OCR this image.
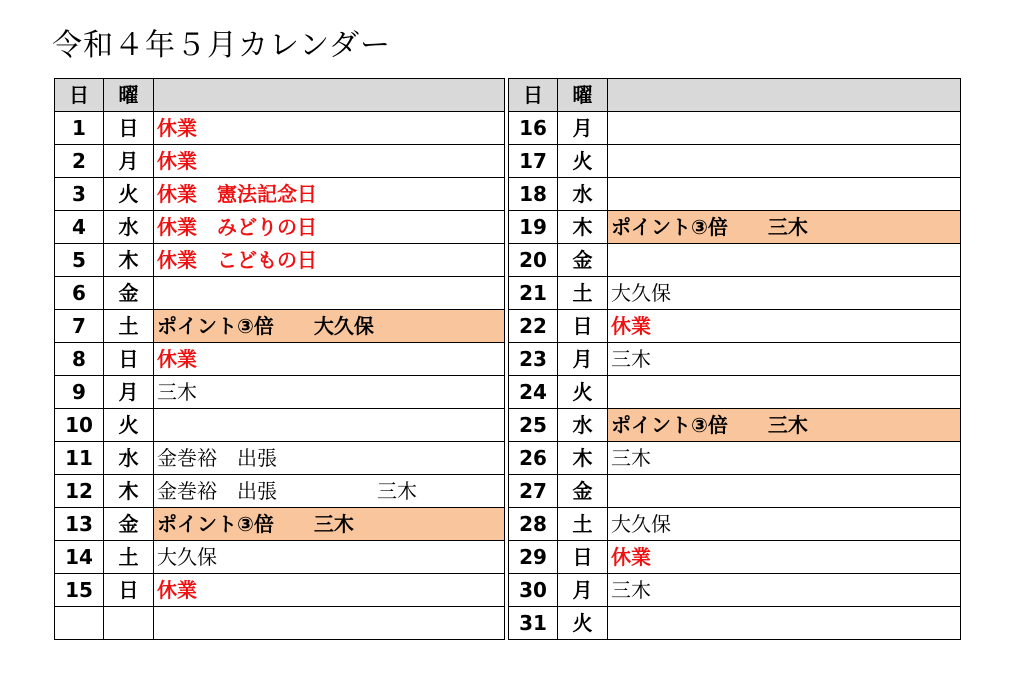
令和４年５月カレンダー
日	曜	
1	日	休業
2	月	休業
3	火	休業　憲法記念日
4	水	休業　みどりの日
5	木	休業　こどもの日
6	金	
7	土	ポイント③倍　　大久保
8	日	休業
9	月	三木
10	火	
11	水	金巻裕　出張
12	木	金巻裕　出張　　　　　三木
13	金	ポイント③倍　　三木
14	土	大久保
15	日	休業

日	曜	
16	月	
17	火	
18	水	
19	木	ポイント③倍　　三木
20	金	
21	土	大久保
22	日	休業
23	月	三木
24	火	
25	水	ポイント③倍　　三木
26	木	三木
27	金	
28	土	大久保
29	日	休業
30	月	三木
31	火	
